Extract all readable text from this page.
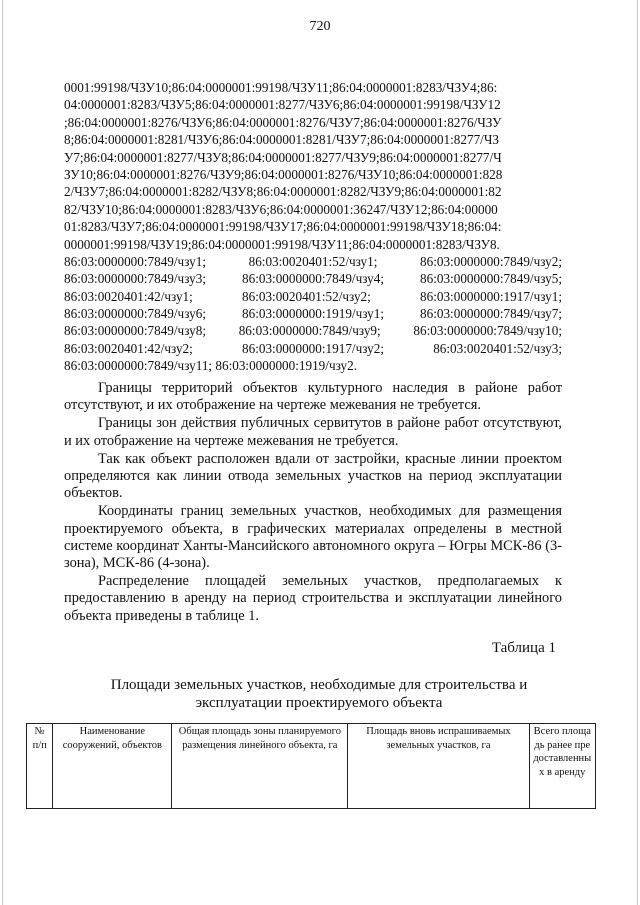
720
0001:99198/ЧЗУ10;86:04:0000001:99198/ЧЗУ11;86:04:0000001:8283/ЧЗУ4;86:
04:0000001:8283/ЧЗУ5;86:04:0000001:8277/ЧЗУ6;86:04:0000001:99198/ЧЗУ12
;86:04:0000001:8276/ЧЗУ6;86:04:0000001:8276/ЧЗУ7;86:04:0000001:8276/ЧЗУ
8;86:04:0000001:8281/ЧЗУ6;86:04:0000001:8281/ЧЗУ7;86:04:0000001:8277/ЧЗ
У7;86:04:0000001:8277/ЧЗУ8;86:04:0000001:8277/ЧЗУ9;86:04:0000001:8277/Ч
ЗУ10;86:04:0000001:8276/ЧЗУ9;86:04:0000001:8276/ЧЗУ10;86:04:0000001:828
2/ЧЗУ7;86:04:0000001:8282/ЧЗУ8;86:04:0000001:8282/ЧЗУ9;86:04:0000001:82
82/ЧЗУ10;86:04:0000001:8283/ЧЗУ6;86:04:0000001:36247/ЧЗУ12;86:04:00000
01:8283/ЧЗУ7;86:04:0000001:99198/ЧЗУ17;86:04:0000001:99198/ЧЗУ18;86:04:
0000001:99198/ЧЗУ19;86:04:0000001:99198/ЧЗУ11;86:04:0000001:8283/ЧЗУ8.
86:03:0000000:7849/чзу1; 86:03:0020401:52/чзу1; 86:03:0000000:7849/чзу2;
86:03:0000000:7849/чзу3; 86:03:0000000:7849/чзу4; 86:03:0000000:7849/чзу5;
86:03:0020401:42/чзу1; 86:03:0020401:52/чзу2; 86:03:0000000:1917/чзу1;
86:03:0000000:7849/чзу6; 86:03:0000000:1919/чзу1; 86:03:0000000:7849/чзу7;
86:03:0000000:7849/чзу8; 86:03:0000000:7849/чзу9; 86:03:0000000:7849/чзу10;
86:03:0020401:42/чзу2; 86:03:0000000:1917/чзу2; 86:03:0020401:52/чзу3;
86:03:0000000:7849/чзу11; 86:03:0000000:1919/чзу2.

Границы территорий объектов культурного наследия в районе работ отсутствуют, и их отображение на чертеже межевания не требуется.

Границы зон действия публичных сервитутов в районе работ отсутствуют, и их отображение на чертеже межевания не требуется.

Так как объект расположен вдали от застройки, красные линии проектом определяются как линии отвода земельных участков на период эксплуатации объектов.

Координаты границ земельных участков, необходимых для размещения проектируемого объекта, в графических материалах определены в местной системе координат Ханты-Мансийского автономного округа – Югры МСК-86 (3-зона), МСК-86 (4-зона).

Распределение площадей земельных участков, предполагаемых к предоставлению в аренду на период строительства и эксплуатации линейного объекта приведены в таблице 1.

Таблица 1
Площади земельных участков, необходимые для строительства и
эксплуатации проектируемого объекта
№ п/п	Наименование сооружений, объектов	Общая площадь зоны планируемого размещения линейного объекта, га	Площадь вновь испрашиваемых земельных участков, га	Всего площадь ранее предоставленных в аренду
